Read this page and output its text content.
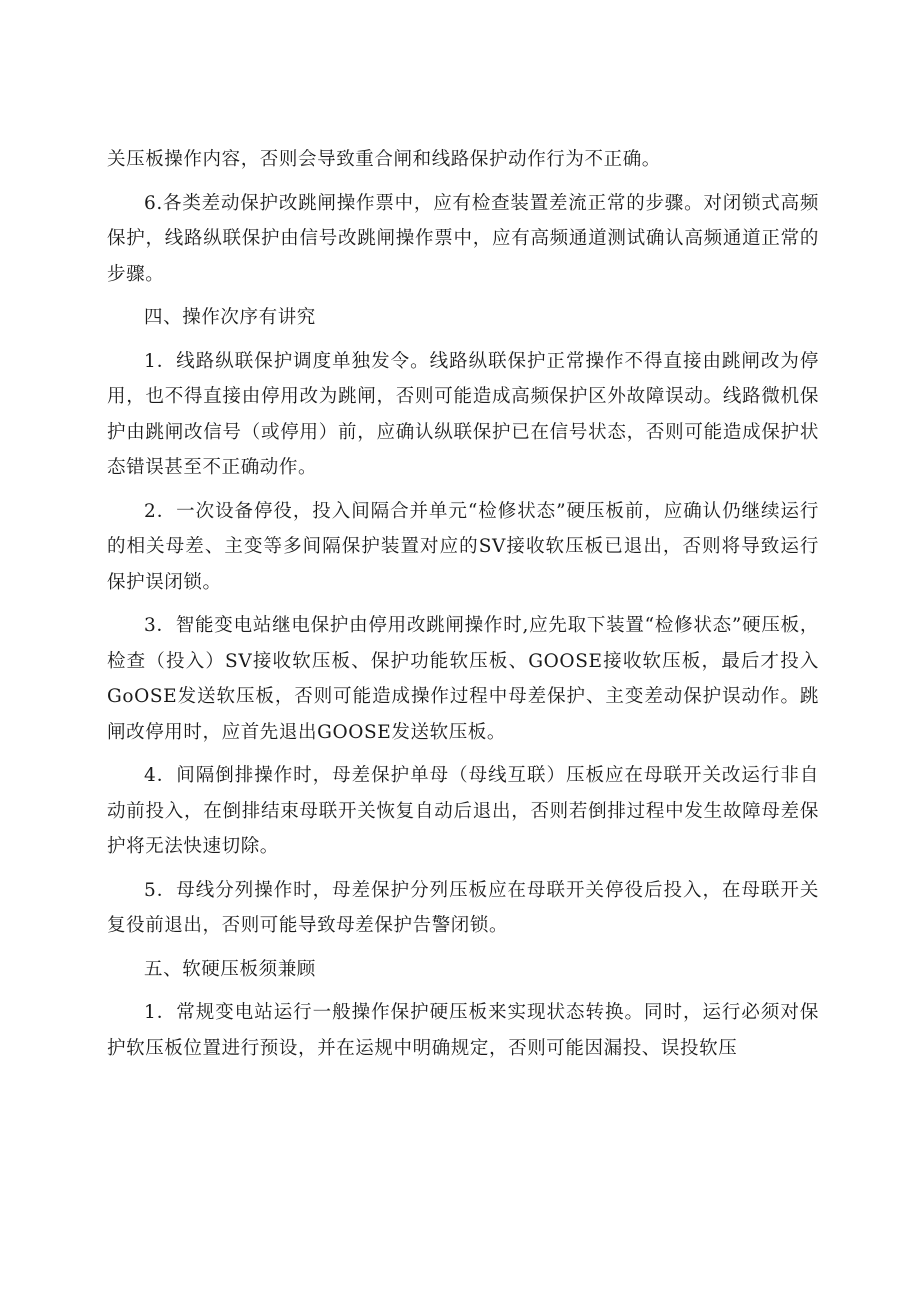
关压板操作内容，否则会导致重合闸和线路保护动作行为不正确。

6.各类差动保护改跳闸操作票中，应有检查装置差流正常的步骤。对闭锁式高频保护，线路纵联保护由信号改跳闸操作票中，应有高频通道测试确认高频通道正常的步骤。

四、操作次序有讲究

1．线路纵联保护调度单独发令。线路纵联保护正常操作不得直接由跳闸改为停用，也不得直接由停用改为跳闸，否则可能造成高频保护区外故障误动。线路微机保护由跳闸改信号（或停用）前，应确认纵联保护已在信号状态，否则可能造成保护状态错误甚至不正确动作。

2．一次设备停役，投入间隔合并单元“检修状态”硬压板前，应确认仍继续运行的相关母差、主变等多间隔保护装置对应的SV接收软压板已退出，否则将导致运行保护误闭锁。

3．智能变电站继电保护由停用改跳闸操作时,应先取下装置“检修状态”硬压板，检查（投入）SV接收软压板、保护功能软压板、GOOSE接收软压板，最后才投入GoOSE发送软压板，否则可能造成操作过程中母差保护、主变差动保护误动作。跳闸改停用时，应首先退出GOOSE发送软压板。

4．间隔倒排操作时，母差保护单母（母线互联）压板应在母联开关改运行非自动前投入，在倒排结束母联开关恢复自动后退出，否则若倒排过程中发生故障母差保护将无法快速切除。

5．母线分列操作时，母差保护分列压板应在母联开关停役后投入，在母联开关复役前退出，否则可能导致母差保护告警闭锁。

五、软硬压板须兼顾

1．常规变电站运行一般操作保护硬压板来实现状态转换。同时，运行必须对保护软压板位置进行预设，并在运规中明确规定，否则可能因漏投、误投软压
